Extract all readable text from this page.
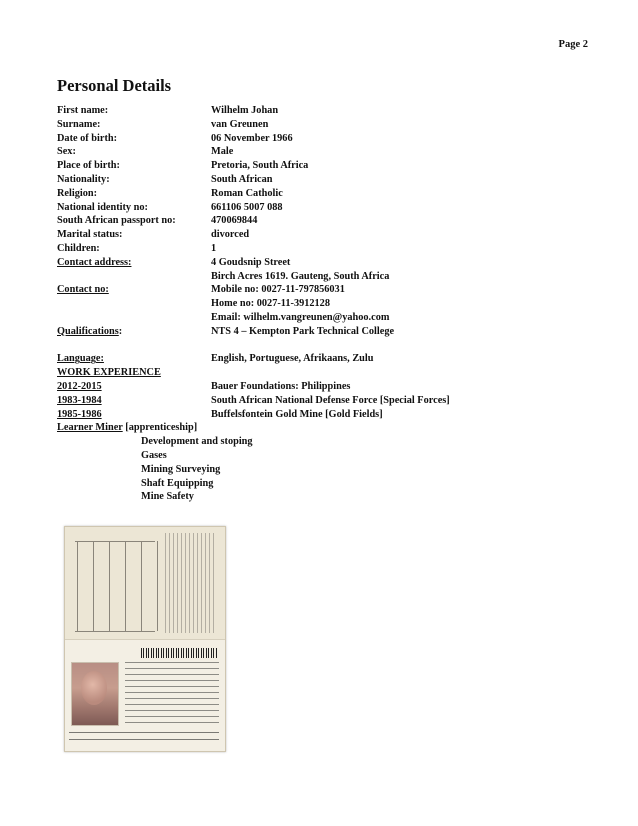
Page 2
Personal Details
First name:	Wilhelm Johan
Surname:	van Greunen
Date of birth:	06 November 1966
Sex:	Male
Place of birth:	Pretoria, South Africa
Nationality:	South African
Religion:	Roman Catholic
National identity no:	661106 5007 088
South African passport no:	470069844
Marital status:	divorced
Children:	1
Contact address:	4 Goudsnip Street
Birch Acres 1619. Gauteng, South Africa
Contact no:	Mobile no: 0027-11-797856031
Home no: 0027-11-3912128
Email: wilhelm.vangreunen@yahoo.com
Qualifications:	NTS 4 – Kempton Park Technical College
Language:	English, Portuguese, Afrikaans, Zulu
WORK EXPERIENCE
2012-2015	Bauer Foundations: Philippines
1983-1984	South African National Defense Force [Special Forces]
1985-1986	Buffelsfontein Gold Mine [Gold Fields]
Learner Miner [apprenticeship]
Development and stoping
Gases
Mining Surveying
Shaft Equipping
Mine Safety
